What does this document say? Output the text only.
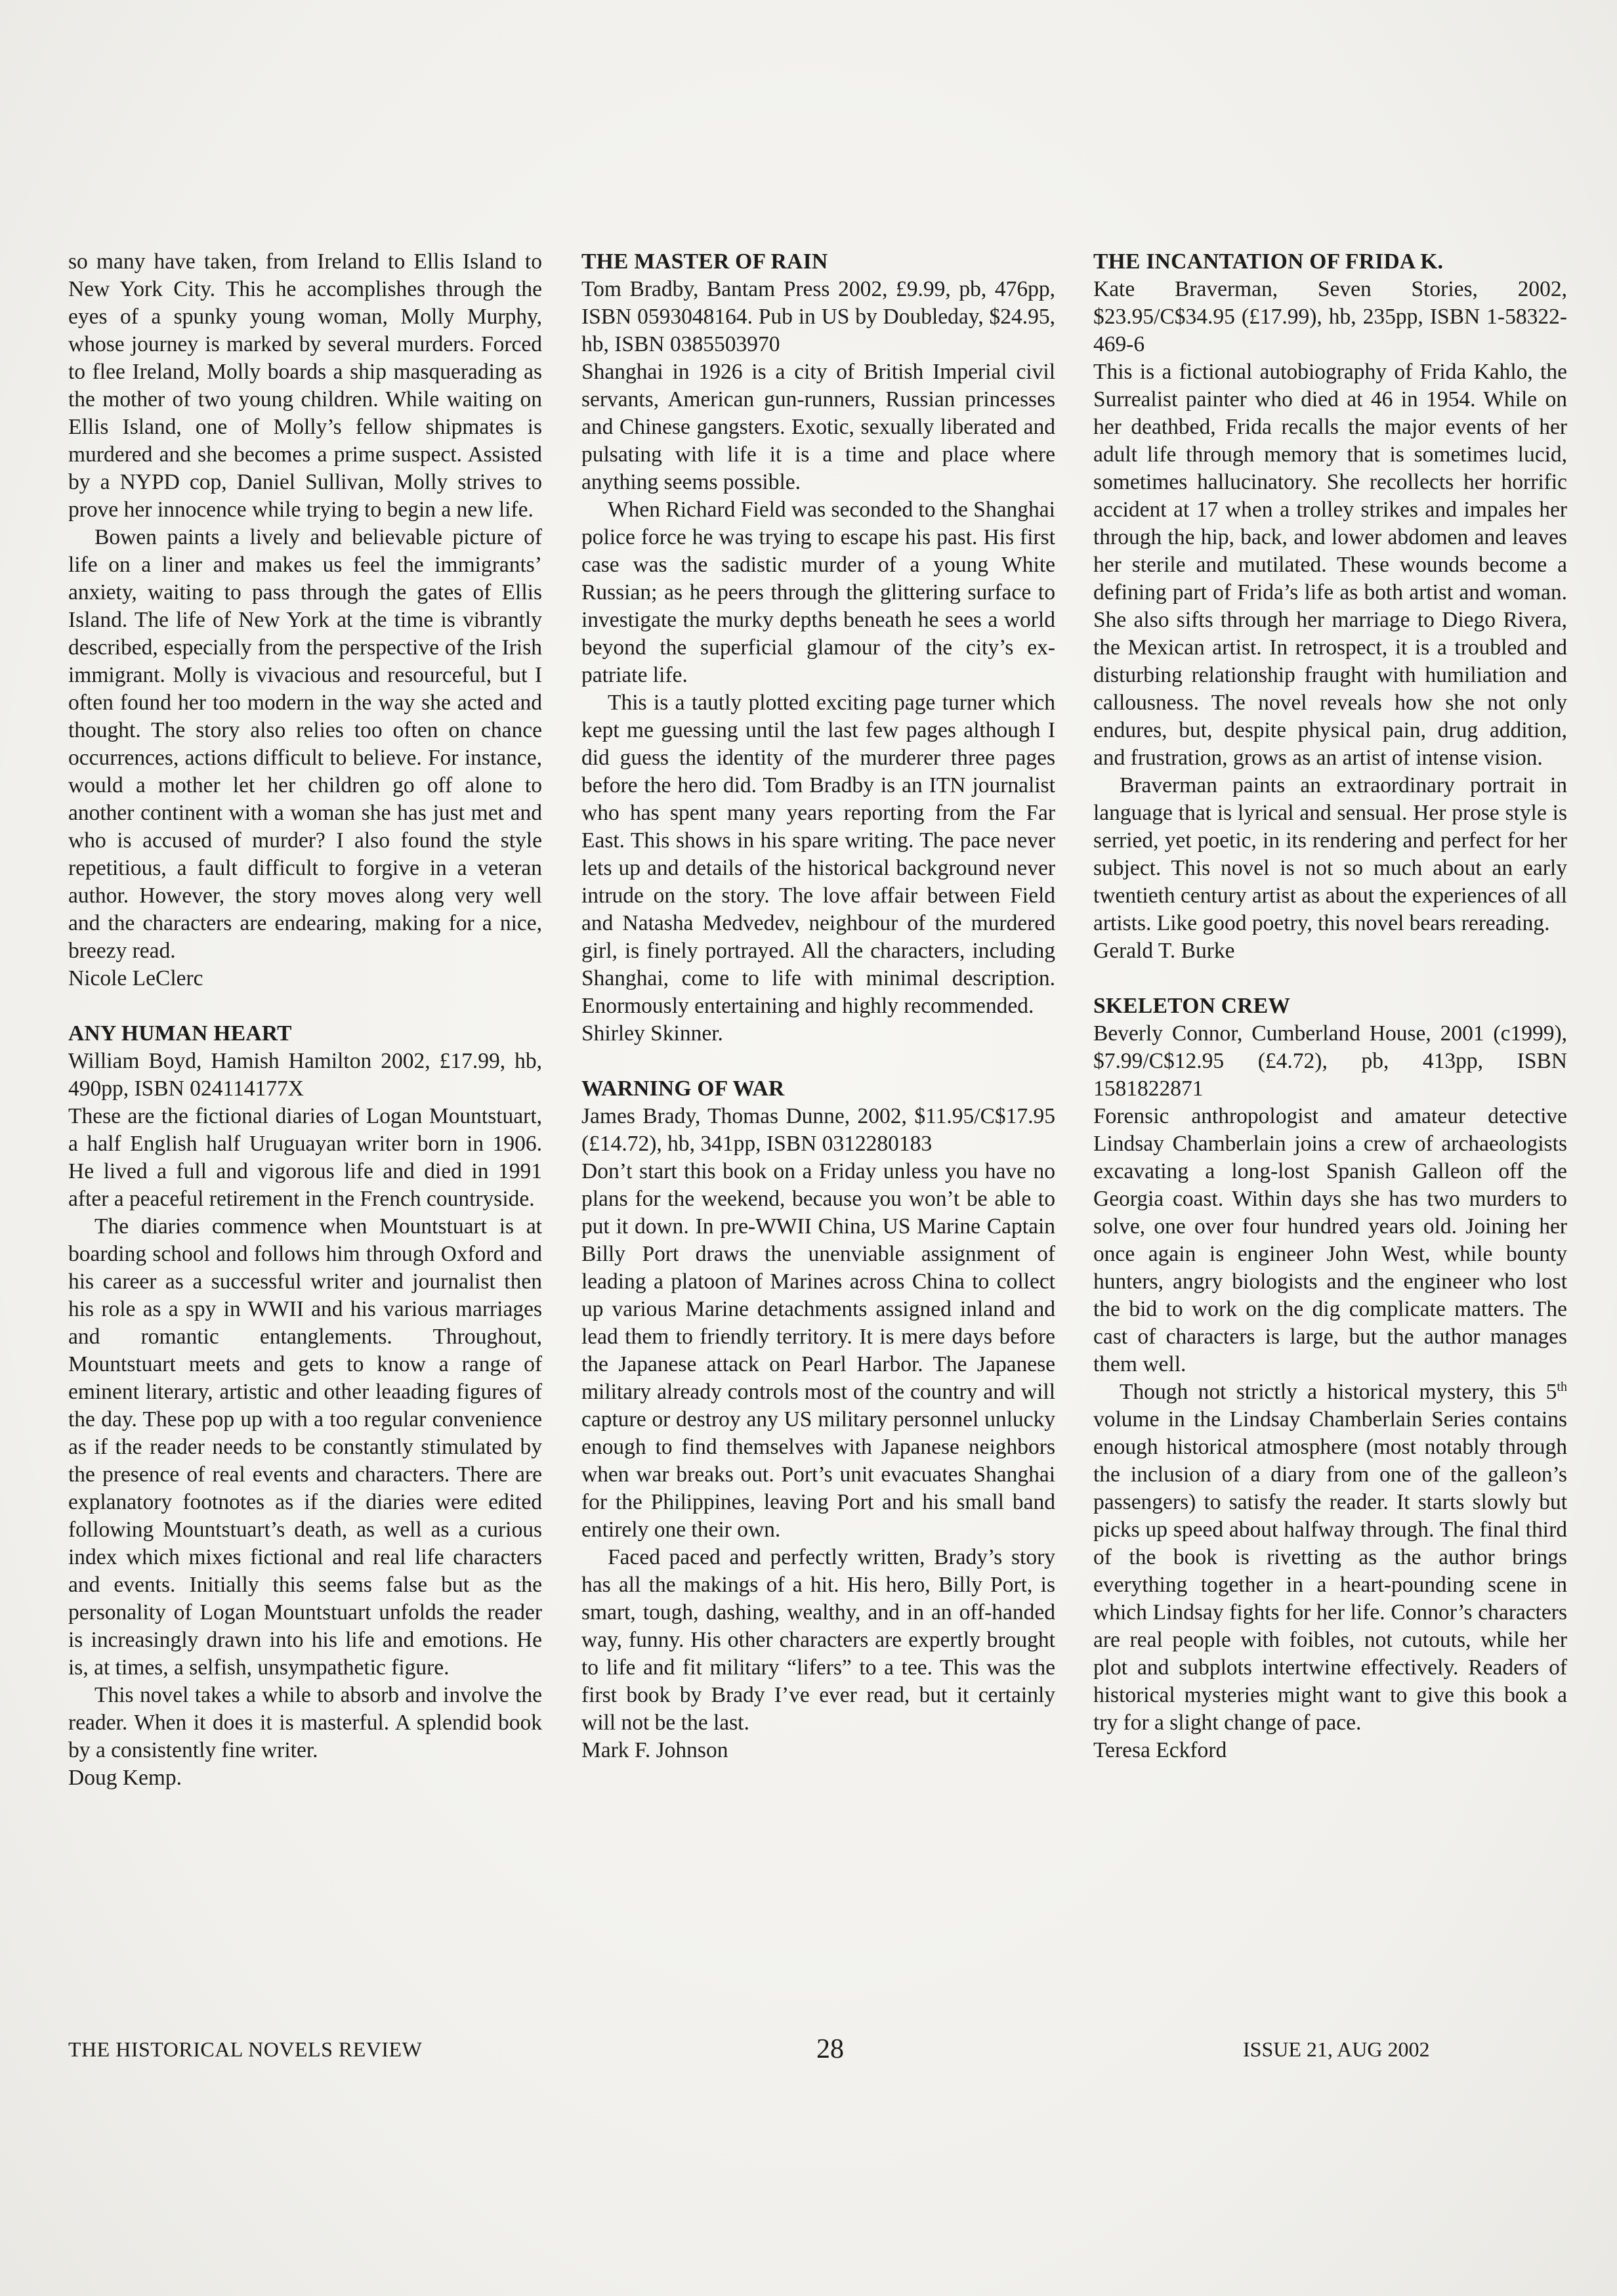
so many have taken, from Ireland to Ellis Island to New York City. This he accomplishes through the eyes of a spunky young woman, Molly Murphy, whose journey is marked by several murders. Forced to flee Ireland, Molly boards a ship masquerading as the mother of two young children. While waiting on Ellis Island, one of Molly’s fellow shipmates is murdered and she becomes a prime suspect. Assisted by a NYPD cop, Daniel Sullivan, Molly strives to prove her innocence while trying to begin a new life.

Bowen paints a lively and believable picture of life on a liner and makes us feel the immigrants’ anxiety, waiting to pass through the gates of Ellis Island. The life of New York at the time is vibrantly described, especially from the perspective of the Irish immigrant. Molly is vivacious and resourceful, but I often found her too modern in the way she acted and thought. The story also relies too often on chance occurrences, actions difficult to believe. For instance, would a mother let her children go off alone to another continent with a woman she has just met and who is accused of murder? I also found the style repetitious, a fault difficult to forgive in a veteran author. However, the story moves along very well and the characters are endearing, making for a nice, breezy read.

Nicole LeClerc

ANY HUMAN HEART

William Boyd, Hamish Hamilton 2002, £17.99, hb, 490pp, ISBN 024114177X

These are the fictional diaries of Logan Mountstuart, a half English half Uruguayan writer born in 1906. He lived a full and vigorous life and died in 1991 after a peaceful retirement in the French countryside.

The diaries commence when Mountstuart is at boarding school and follows him through Oxford and his career as a successful writer and journalist then his role as a spy in WWII and his various marriages and romantic entanglements. Throughout, Mountstuart meets and gets to know a range of eminent literary, artistic and other leaading figures of the day. These pop up with a too regular convenience as if the reader needs to be constantly stimulated by the presence of real events and characters. There are explanatory footnotes as if the diaries were edited following Mountstuart’s death, as well as a curious index which mixes fictional and real life characters and events. Initially this seems false but as the personality of Logan Mountstuart unfolds the reader is increasingly drawn into his life and emotions. He is, at times, a selfish, unsympathetic figure.

This novel takes a while to absorb and involve the reader. When it does it is masterful. A splendid book by a consistently fine writer.

Doug Kemp.

THE MASTER OF RAIN

Tom Bradby, Bantam Press 2002, £9.99, pb, 476pp, ISBN 0593048164. Pub in US by Doubleday, $24.95, hb, ISBN 0385503970

Shanghai in 1926 is a city of British Imperial civil servants, American gun-runners, Russian princesses and Chinese gangsters. Exotic, sexually liberated and pulsating with life it is a time and place where anything seems possible.

When Richard Field was seconded to the Shanghai police force he was trying to escape his past. His first case was the sadistic murder of a young White Russian; as he peers through the glittering surface to investigate the murky depths beneath he sees a world beyond the superficial glamour of the city’s ex-patriate life.

This is a tautly plotted exciting page turner which kept me guessing until the last few pages although I did guess the identity of the murderer three pages before the hero did. Tom Bradby is an ITN journalist who has spent many years reporting from the Far East. This shows in his spare writing. The pace never lets up and details of the historical background never intrude on the story. The love affair between Field and Natasha Medvedev, neighbour of the murdered girl, is finely portrayed. All the characters, including Shanghai, come to life with minimal description. Enormously entertaining and highly recommended.

Shirley Skinner.

WARNING OF WAR

James Brady, Thomas Dunne, 2002, $11.95/C$17.95 (£14.72), hb, 341pp, ISBN 0312280183

Don’t start this book on a Friday unless you have no plans for the weekend, because you won’t be able to put it down. In pre-WWII China, US Marine Captain Billy Port draws the unenviable assignment of leading a platoon of Marines across China to collect up various Marine detachments assigned inland and lead them to friendly territory. It is mere days before the Japanese attack on Pearl Harbor. The Japanese military already controls most of the country and will capture or destroy any US military personnel unlucky enough to find themselves with Japanese neighbors when war breaks out. Port’s unit evacuates Shanghai for the Philippines, leaving Port and his small band entirely one their own.

Faced paced and perfectly written, Brady’s story has all the makings of a hit. His hero, Billy Port, is smart, tough, dashing, wealthy, and in an off-handed way, funny. His other characters are expertly brought to life and fit military “lifers” to a tee. This was the first book by Brady I’ve ever read, but it certainly will not be the last.

Mark F. Johnson

THE INCANTATION OF FRIDA K.

Kate Braverman, Seven Stories, 2002, $23.95/C$34.95 (£17.99), hb, 235pp, ISBN 1-58322-469-6

This is a fictional autobiography of Frida Kahlo, the Surrealist painter who died at 46 in 1954. While on her deathbed, Frida recalls the major events of her adult life through memory that is sometimes lucid, sometimes hallucinatory. She recollects her horrific accident at 17 when a trolley strikes and impales her through the hip, back, and lower abdomen and leaves her sterile and mutilated. These wounds become a defining part of Frida’s life as both artist and woman. She also sifts through her marriage to Diego Rivera, the Mexican artist. In retrospect, it is a troubled and disturbing relationship fraught with humiliation and callousness. The novel reveals how she not only endures, but, despite physical pain, drug addition, and frustration, grows as an artist of intense vision.

Braverman paints an extraordinary portrait in language that is lyrical and sensual. Her prose style is serried, yet poetic, in its rendering and perfect for her subject. This novel is not so much about an early twentieth century artist as about the experiences of all artists. Like good poetry, this novel bears rereading.

Gerald T. Burke

SKELETON CREW

Beverly Connor, Cumberland House, 2001 (c1999), $7.99/C$12.95 (£4.72), pb, 413pp, ISBN 1581822871

Forensic anthropologist and amateur detective Lindsay Chamberlain joins a crew of archaeologists excavating a long-lost Spanish Galleon off the Georgia coast. Within days she has two murders to solve, one over four hundred years old. Joining her once again is engineer John West, while bounty hunters, angry biologists and the engineer who lost the bid to work on the dig complicate matters. The cast of characters is large, but the author manages them well.

Though not strictly a historical mystery, this 5th volume in the Lindsay Chamberlain Series contains enough historical atmosphere (most notably through the inclusion of a diary from one of the galleon’s passengers) to satisfy the reader. It starts slowly but picks up speed about halfway through. The final third of the book is rivetting as the author brings everything together in a heart-pounding scene in which Lindsay fights for her life. Connor’s characters are real people with foibles, not cutouts, while her plot and subplots intertwine effectively. Readers of historical mysteries might want to give this book a try for a slight change of pace.

Teresa Eckford

THE HISTORICAL NOVELS REVIEW	28	ISSUE 21, AUG 2002
